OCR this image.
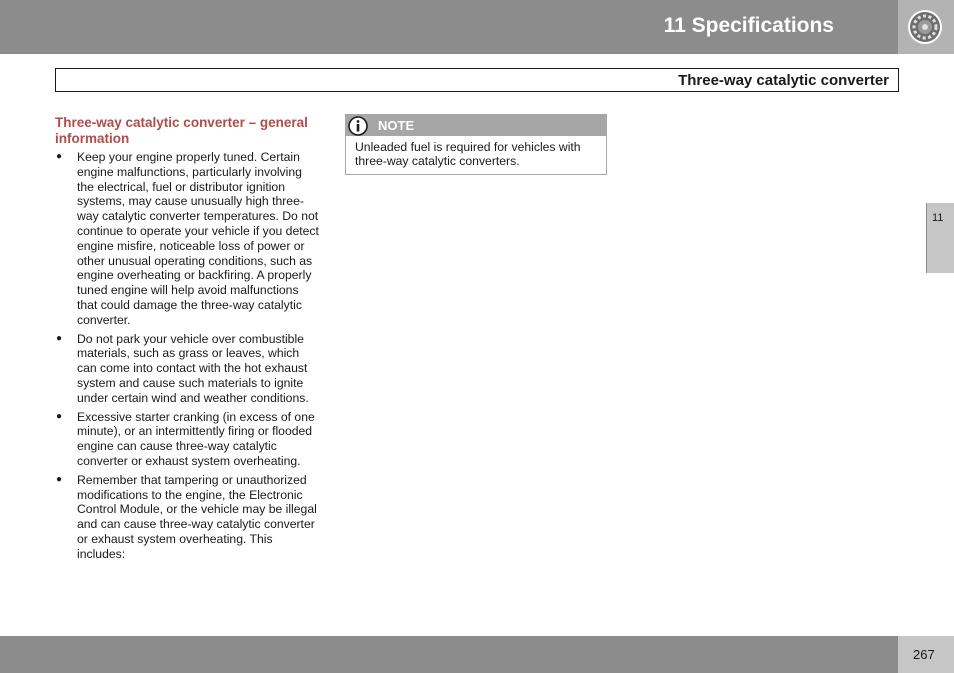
11 Specifications
Three-way catalytic converter
Three-way catalytic converter – general information
● Keep your engine properly tuned. Certain engine malfunctions, particularly involving the electrical, fuel or distributor ignition systems, may cause unusually high three-way catalytic converter temperatures. Do not continue to operate your vehicle if you detect engine misfire, noticeable loss of power or other unusual operating conditions, such as engine overheating or backfiring. A properly tuned engine will help avoid malfunctions that could damage the three-way catalytic converter.
● Do not park your vehicle over combustible materials, such as grass or leaves, which can come into contact with the hot exhaust system and cause such materials to ignite under certain wind and weather conditions.
● Excessive starter cranking (in excess of one minute), or an intermittently firing or flooded engine can cause three-way catalytic converter or exhaust system overheating.
● Remember that tampering or unauthorized modifications to the engine, the Electronic Control Module, or the vehicle may be illegal and can cause three-way catalytic converter or exhaust system overheating. This includes:
NOTE
Unleaded fuel is required for vehicles with three-way catalytic converters.
11
267
